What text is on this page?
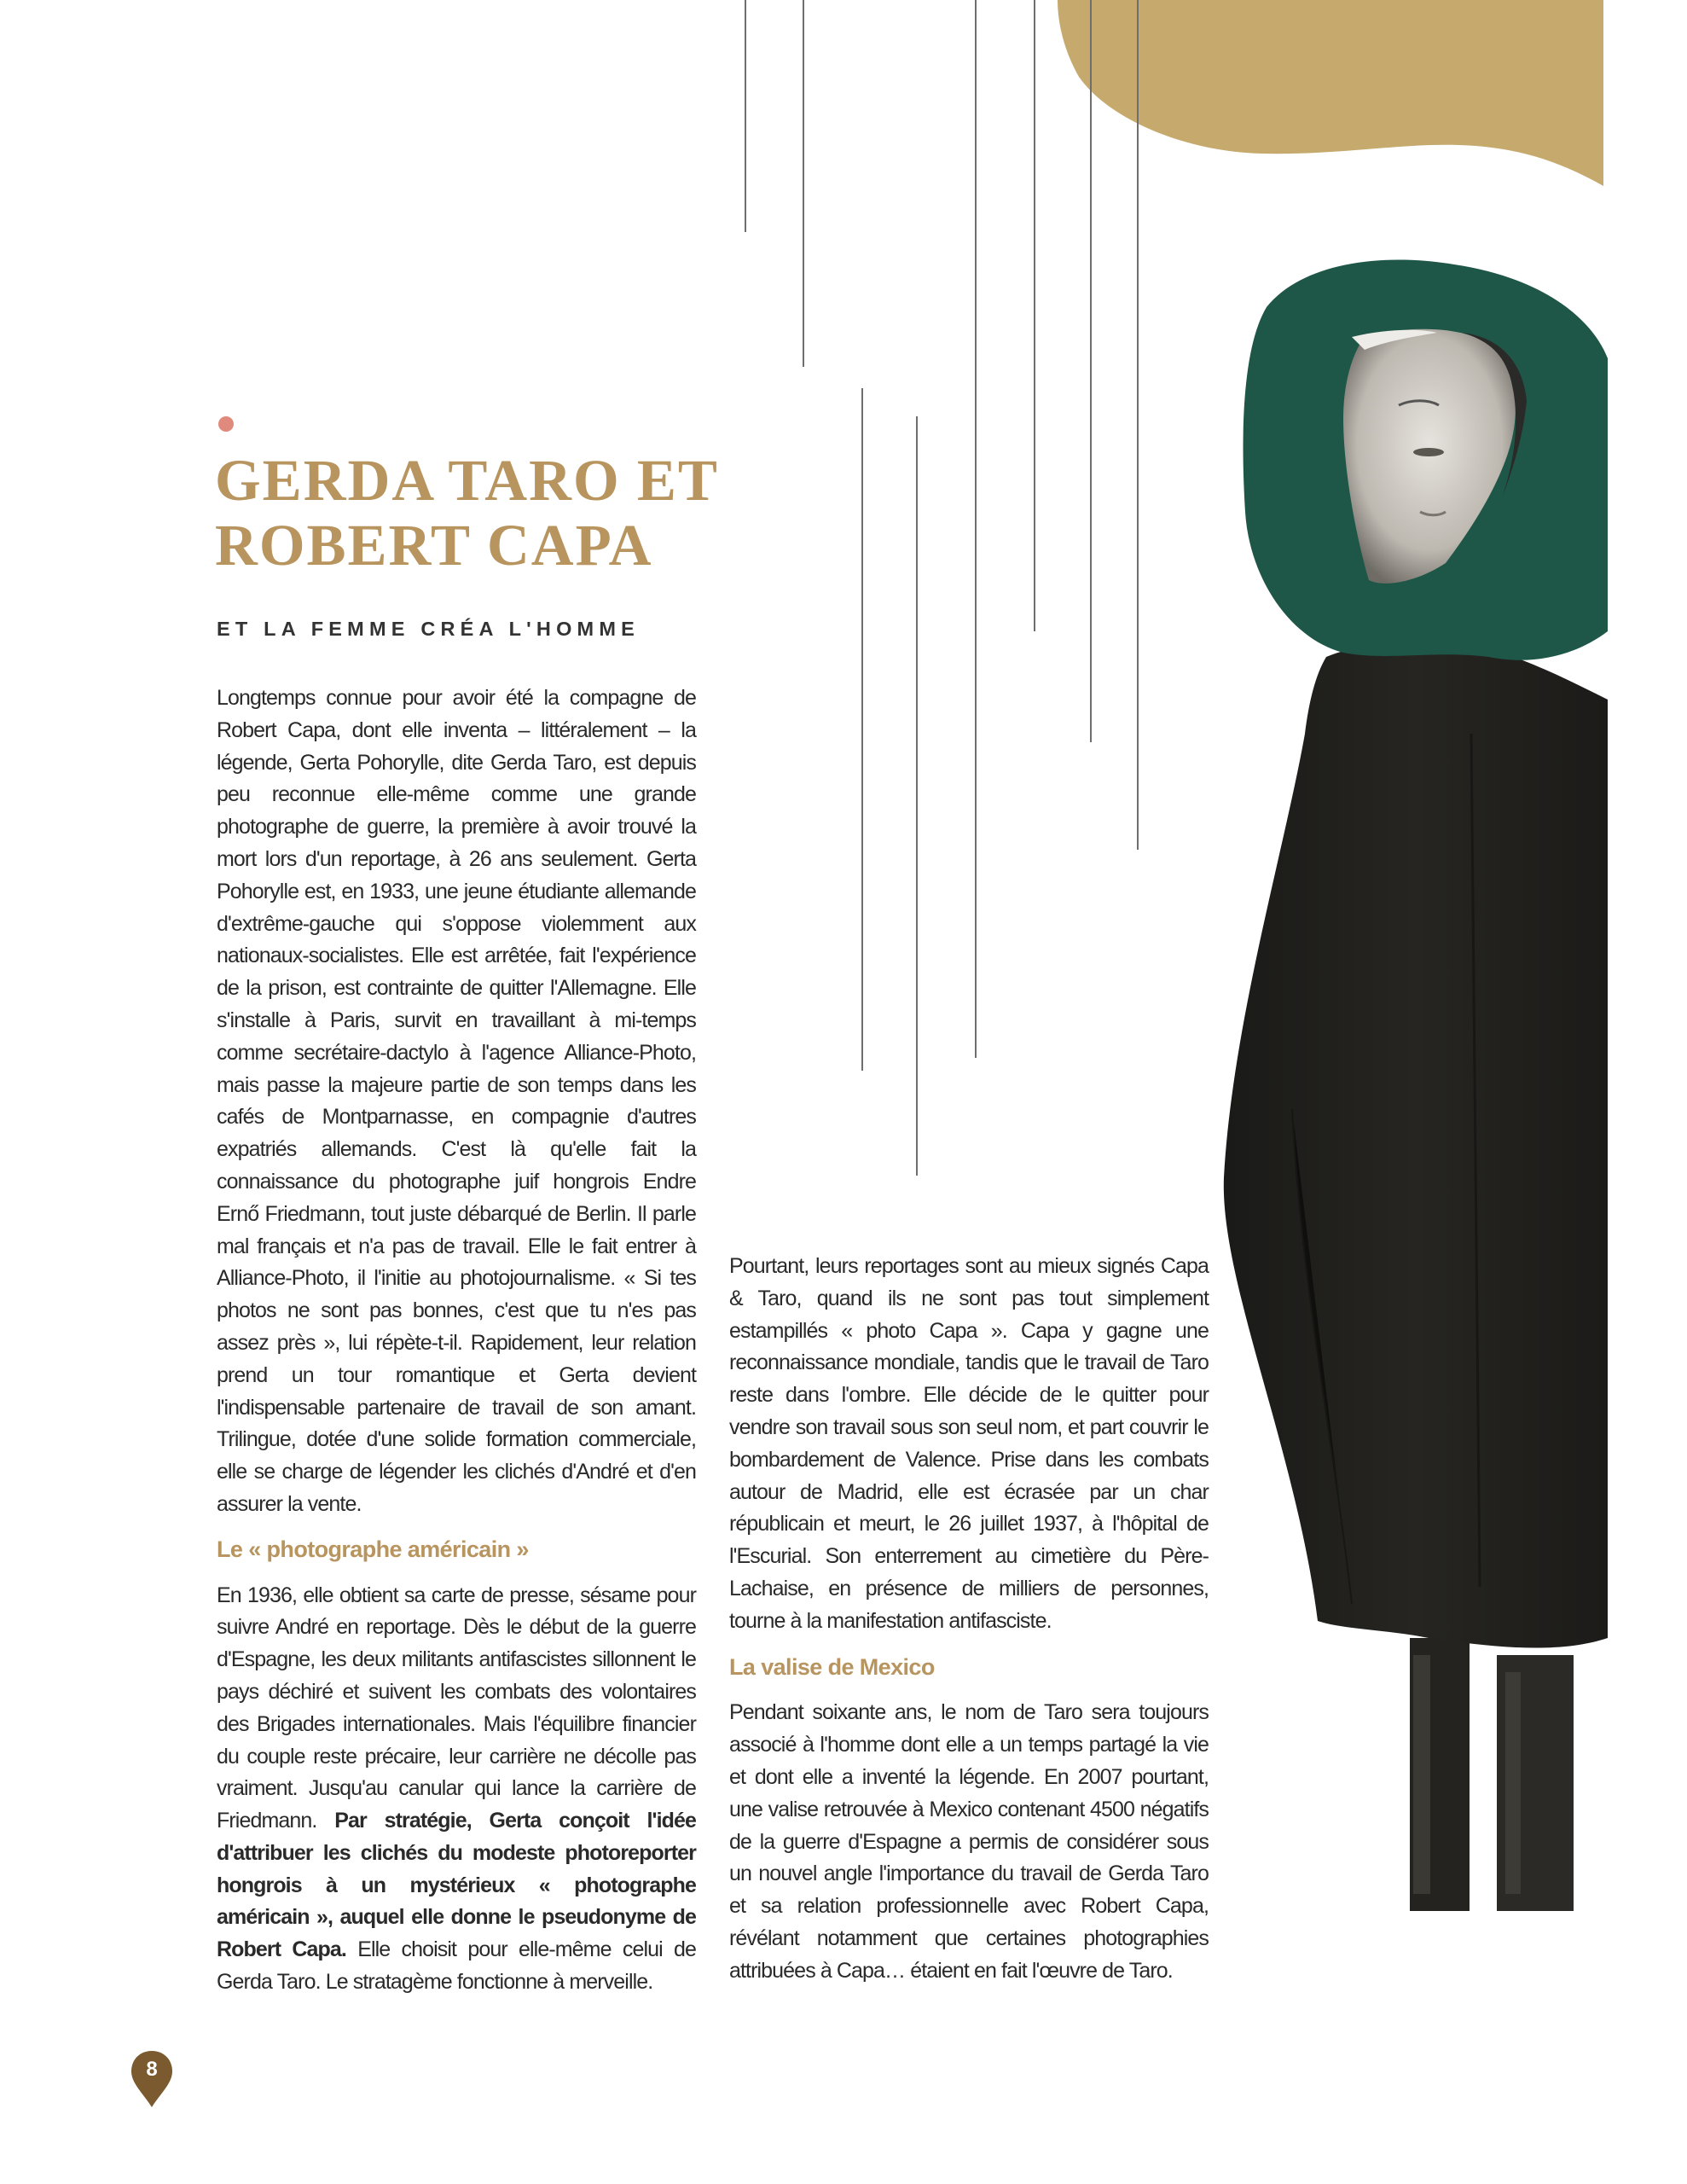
GERDA TARO ET
ROBERT CAPA
ET LA FEMME CRÉA L'HOMME

Longtemps connue pour avoir été la compagne de Robert Capa, dont elle inventa – littéralement – la légende, Gerta Pohorylle, dite Gerda Taro, est depuis peu reconnue elle-même comme une grande photographe de guerre, la première à avoir trouvé la mort lors d'un reportage, à 26 ans seulement. Gerta Pohorylle est, en 1933, une jeune étudiante allemande d'extrême-gauche qui s'oppose violemment aux nationaux-socialistes. Elle est arrêtée, fait l'expérience de la prison, est contrainte de quitter l'Allemagne. Elle s'installe à Paris, survit en travaillant à mi-temps comme secrétaire-dactylo à l'agence Alliance-Photo, mais passe la majeure partie de son temps dans les cafés de Montparnasse, en compagnie d'autres expatriés allemands. C'est là qu'elle fait la connaissance du photographe juif hongrois Endre Ernő Friedmann, tout juste débarqué de Berlin. Il parle mal français et n'a pas de travail. Elle le fait entrer à Alliance-Photo, il l'initie au photojournalisme. « Si tes photos ne sont pas bonnes, c'est que tu n'es pas assez près », lui répète-t-il. Rapidement, leur relation prend un tour romantique et Gerta devient l'indispensable partenaire de travail de son amant. Trilingue, dotée d'une solide formation commerciale, elle se charge de légender les clichés d'André et d'en assurer la vente.

Le « photographe américain »

En 1936, elle obtient sa carte de presse, sésame pour suivre André en reportage. Dès le début de la guerre d'Espagne, les deux militants antifascistes sillonnent le pays déchiré et suivent les combats des volontaires des Brigades internationales. Mais l'équilibre financier du couple reste précaire, leur carrière ne décolle pas vraiment. Jusqu'au canular qui lance la carrière de Friedmann. Par stratégie, Gerta conçoit l'idée d'attribuer les clichés du modeste photoreporter hongrois à un mystérieux « photographe américain », auquel elle donne le pseudonyme de Robert Capa. Elle choisit pour elle-même celui de Gerda Taro. Le stratagème fonctionne à merveille.

Pourtant, leurs reportages sont au mieux signés Capa & Taro, quand ils ne sont pas tout simplement estampillés « photo Capa ». Capa y gagne une reconnaissance mondiale, tandis que le travail de Taro reste dans l'ombre. Elle décide de le quitter pour vendre son travail sous son seul nom, et part couvrir le bombardement de Valence. Prise dans les combats autour de Madrid, elle est écrasée par un char républicain et meurt, le 26 juillet 1937, à l'hôpital de l'Escurial. Son enterrement au cimetière du Père-Lachaise, en présence de milliers de personnes, tourne à la manifestation antifasciste.

La valise de Mexico

Pendant soixante ans, le nom de Taro sera toujours associé à l'homme dont elle a un temps partagé la vie et dont elle a inventé la légende. En 2007 pourtant, une valise retrouvée à Mexico contenant 4500 négatifs de la guerre d'Espagne a permis de considérer sous un nouvel angle l'importance du travail de Gerda Taro et sa relation professionnelle avec Robert Capa, révélant notamment que certaines photographies attribuées à Capa… étaient en fait l'œuvre de Taro.

8
